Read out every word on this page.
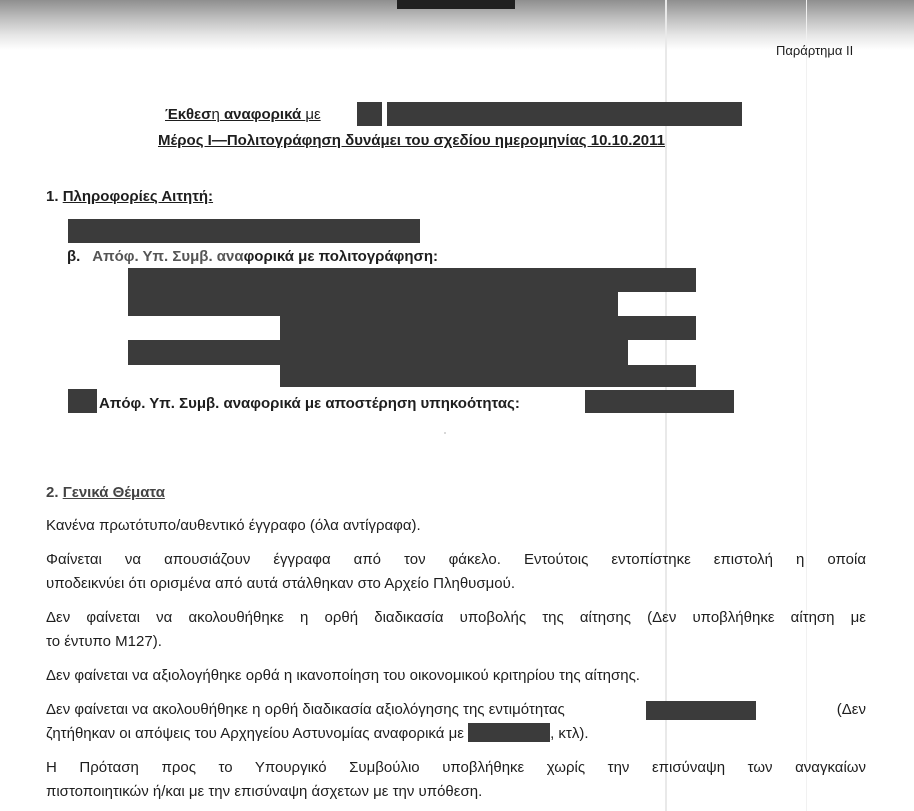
Παράρτημα ΙΙ
Έκθεση αναφορικά με
Μέρος Ι—Πολιτογράφηση δυνάμει του σχεδίου ημερομηνίας 10.10.2011
1. Πληροφορίες Αιτητή:
β. Απόφ. Υπ. Συμβ. αναφορικά με πολιτογράφηση:
Απόφ. Υπ. Συμβ. αναφορικά με αποστέρηση υπηκοότητας:
2. Γενικά Θέματα
Κανένα πρωτότυπο/αυθεντικό έγγραφο (όλα αντίγραφα).
Φαίνεται να απουσιάζουν έγγραφα από τον φάκελο. Εντούτοις εντοπίστηκε επιστολή η οποία
υποδεικνύει ότι ορισμένα από αυτά στάλθηκαν στο Αρχείο Πληθυσμού.
Δεν φαίνεται να ακολουθήθηκε η ορθή διαδικασία υποβολής της αίτησης (Δεν υποβλήθηκε αίτηση με
το έντυπο Μ127).
Δεν φαίνεται να αξιολογήθηκε ορθά η ικανοποίηση του οικονομικού κριτηρίου της αίτησης.
Δεν φαίνεται να ακολουθήθηκε η ορθή διαδικασία αξιολόγησης της εντιμότητας	(Δεν
ζητήθηκαν οι απόψεις του Αρχηγείου Αστυνομίας αναφορικά με	, κτλ).
Η Πρόταση προς το Υπουργικό Συμβούλιο υποβλήθηκε χωρίς την επισύναψη των αναγκαίων
πιστοποιητικών ή/και με την επισύναψη άσχετων με την υπόθεση.
